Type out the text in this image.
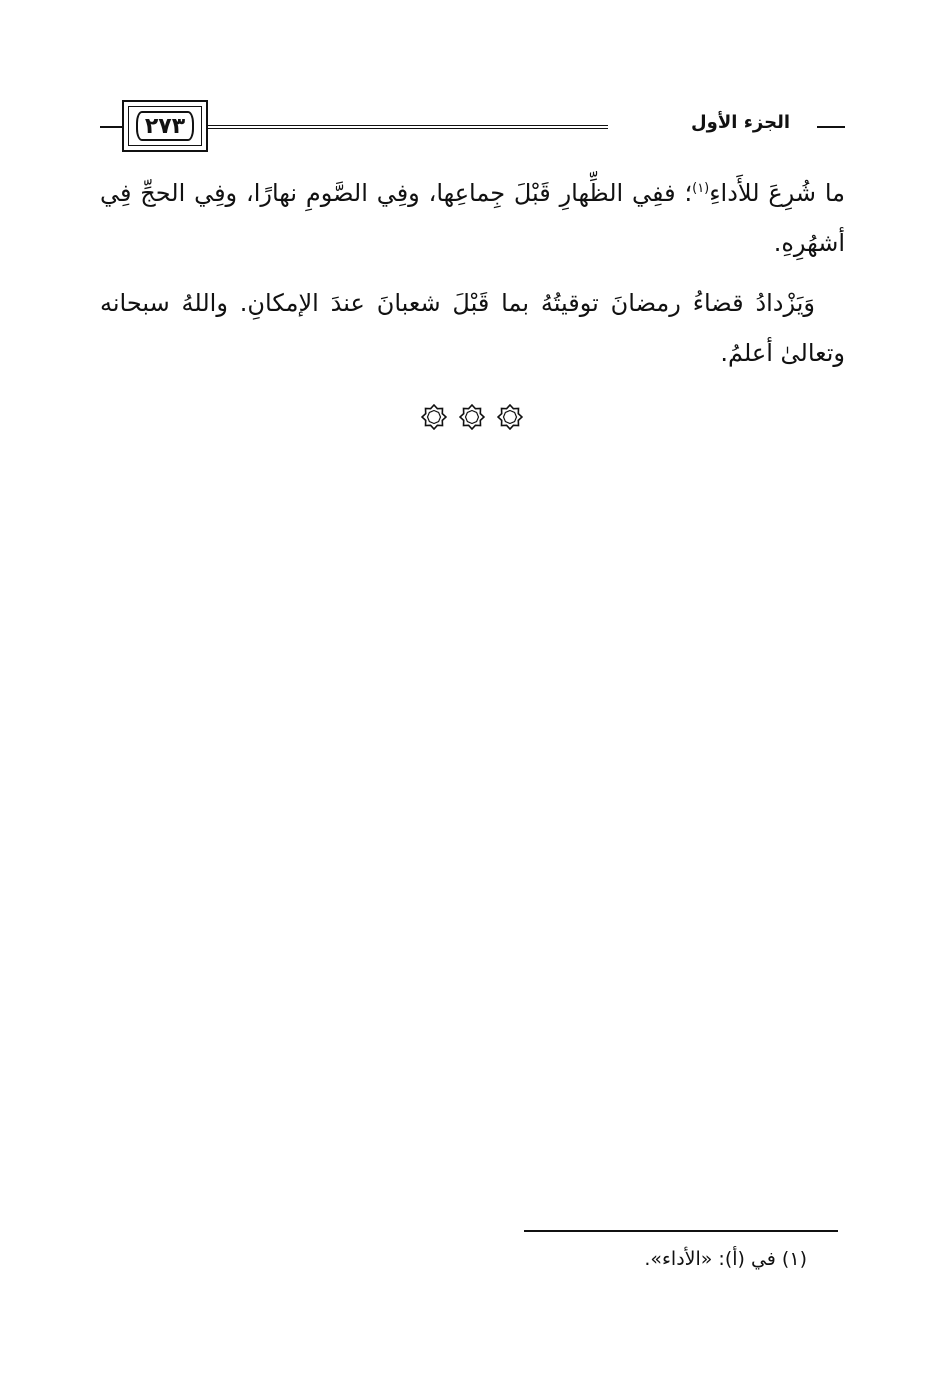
٢٧٣	الجزء الأول

ما شُرِعَ للأَداءِ$^{(١)}$؛ ففِي الظِّهارِ قَبْلَ جِماعِها، وفِي الصَّومِ نهارًا، وفِي الحجِّ فِي أشهُرِهِ.

وَيَزْدادُ قضاءُ رمضانَ توقيتُهُ بما قَبْلَ شعبانَ عندَ الإمكانِ. واللهُ سبحانه وتعالىٰ أعلمُ.

(١) في (أ): «الأداء».
